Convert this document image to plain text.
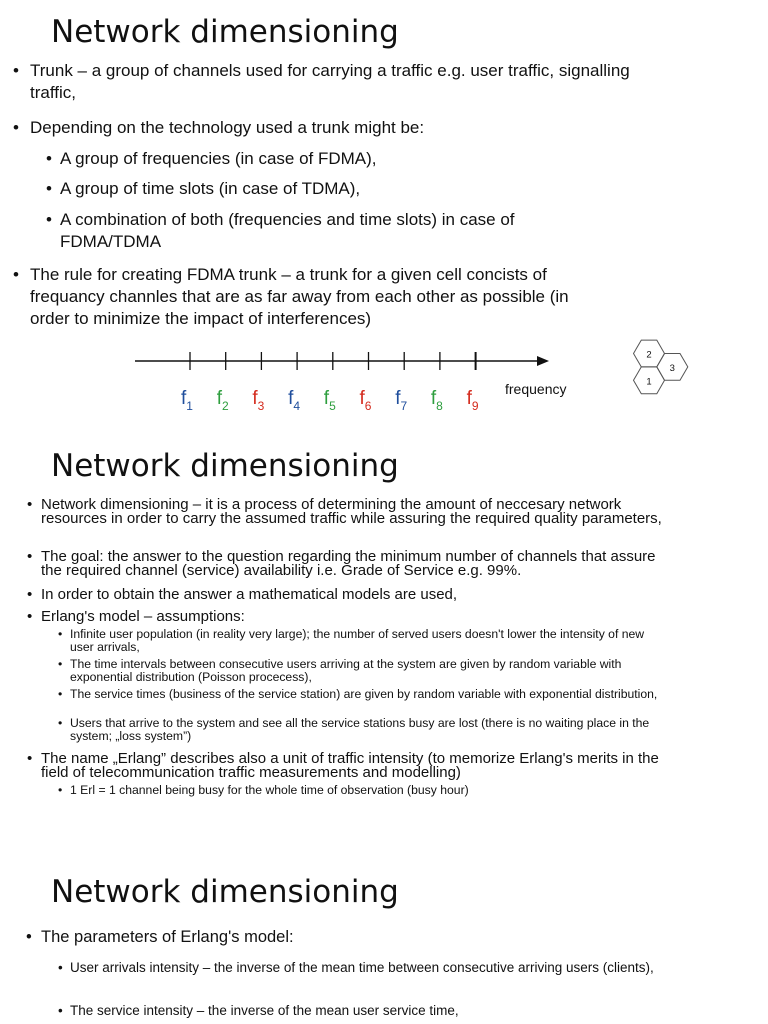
Network dimensioning
• Trunk – a group of channels used for carrying a traffic e.g. user traffic, signalling traffic,
• Depending on the technology used a trunk might be:
• A group of frequencies (in case of FDMA),
• A group of time slots (in case of TDMA),
• A combination of both (frequencies and time slots) in case of FDMA/TDMA
• The rule for creating FDMA trunk – a trunk for a given cell concists of frequancy channles that are as far away from each other as possible (in order to minimize the impact of interferences)
frequency
$f_1$ $f_2$ $f_3$ $f_4$ $f_5$ $f_6$ $f_7$ $f_8$ $f_9$
2
1
3
Network dimensioning
• Network dimensioning – it is a process of determining the amount of neccesary network resources in order to carry the assumed traffic while assuring the required quality parameters,
• The goal: the answer to the question regarding the minimum number of channels that assure the required channel (service) availability i.e. Grade of Service e.g. 99%.
• In order to obtain the answer a mathematical models are used,
• Erlang's model – assumptions:
• Infinite user population (in reality very large); the number of served users doesn't lower the intensity of new user arrivals,
• The time intervals between consecutive users arriving at the system are given by random variable with exponential distribution (Poisson procecess),
• The service times (business of the service station) are given by random variable with exponential distribution,
• Users that arrive to the system and see all the service stations busy are lost (there is no waiting place in the system; „loss system”)
• The name „Erlang” describes also a unit of traffic intensity (to memorize Erlang's merits in the field of telecommunication traffic measurements and modelling)
• 1 Erl = 1 channel being busy for the whole time of observation (busy hour)
Network dimensioning
• The parameters of Erlang's model:
• User arrivals intensity – the inverse of the mean time between consecutive arriving users (clients),
• The service intensity – the inverse of the mean user service time,
